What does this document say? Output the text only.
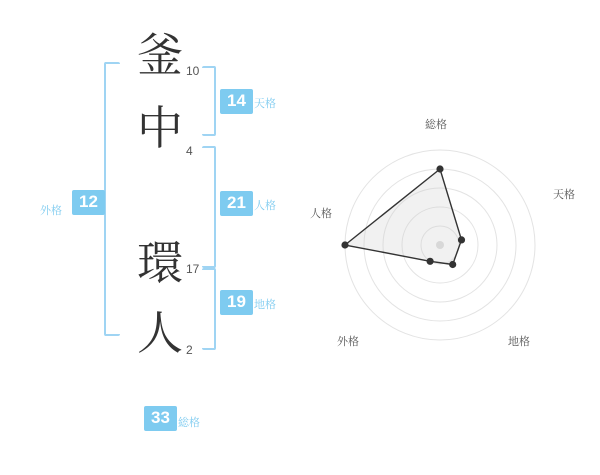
釜 10
中 4
環 17
人 2
14 天格
21 人格
19 地格
外格	12
33 総格
総格
天格
地格
外格
人格
